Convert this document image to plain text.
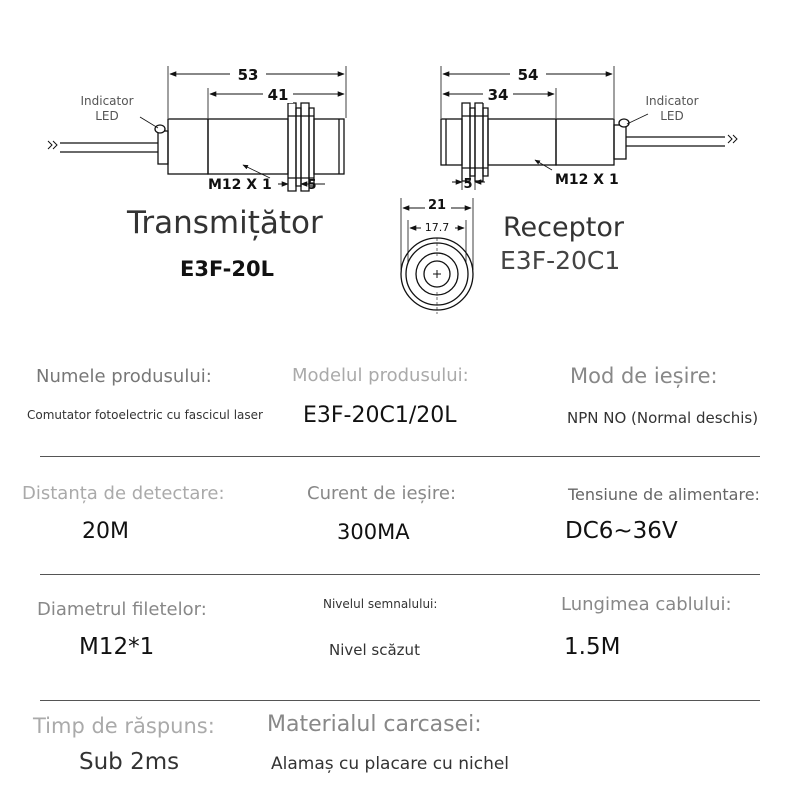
53
41
5
M12 X 1
Indicator
LED
54
34
5	M12 X 1
Indicator
LED
21
17.7
Transmițător
E3F-20L
Receptor
E3F-20C1
Numele produsului:
Comutator fotoelectric cu fascicul laser
Modelul produsului:
E3F-20C1/20L
Mod de ieșire:
NPN NO (Normal deschis)
Distanța de detectare:
20M
Curent de ieșire:
300MA
Tensiune de alimentare:
DC6~36V
Diametrul filetelor:
M12*1
Nivelul semnalului:
Nivel scăzut
Lungimea cablului:
1.5M
Timp de răspuns:
Sub 2ms
Materialul carcasei:
Alamaș cu placare cu nichel
